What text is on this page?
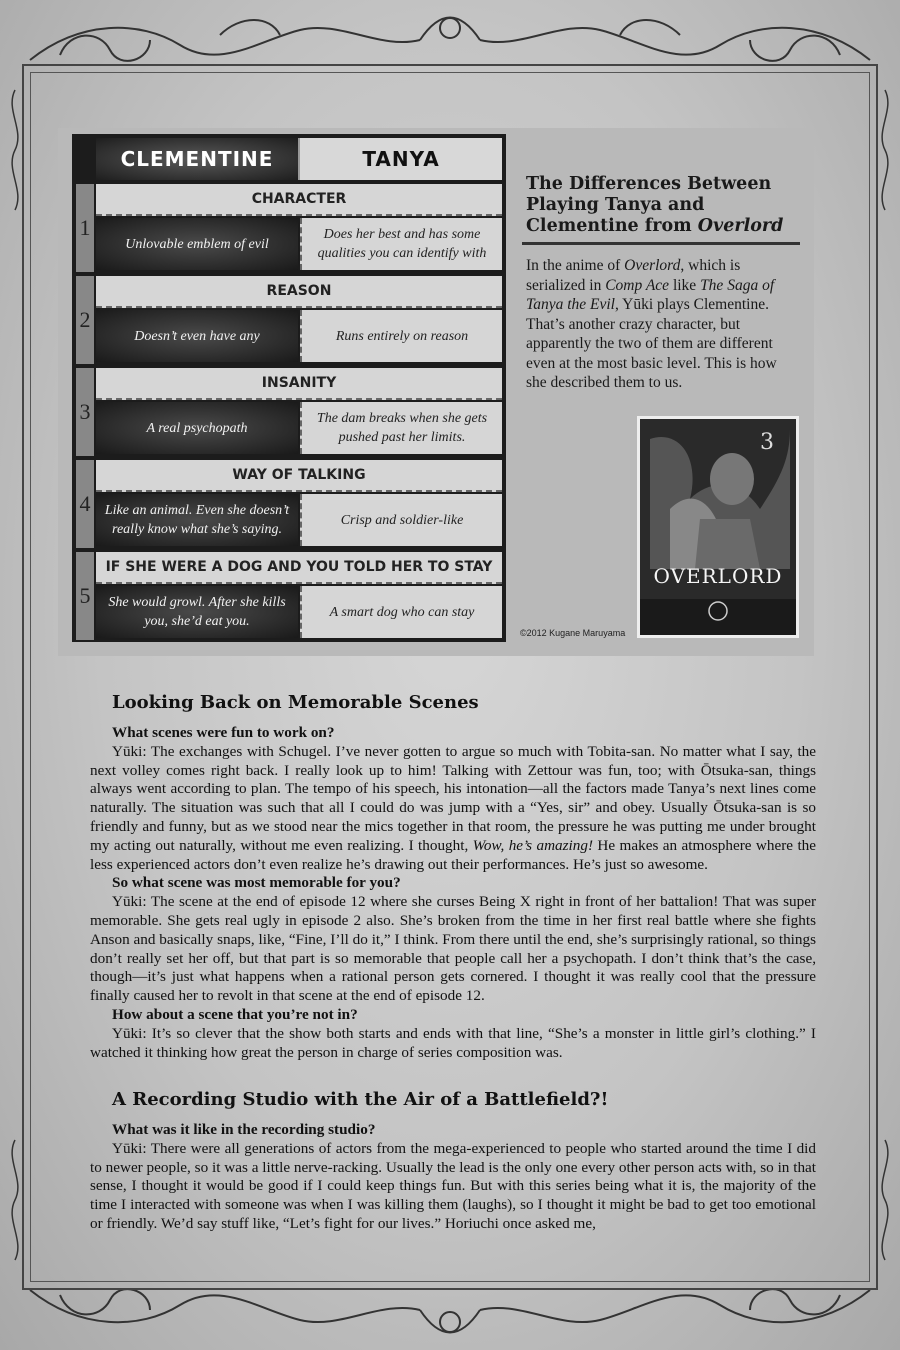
CLEMENTINE	TANYA
1
CHARACTER
Unlovable emblem of evil
Does her best and has some qualities you can identify with
2
REASON
Doesn’t even have any	Runs entirely on reason
3
INSANITY
A real psychopath
The dam breaks when she gets pushed past her limits.
4
WAY OF TALKING
Like an animal. Even she doesn’t really know what she’s saying.
Crisp and soldier-like
5
IF SHE WERE A DOG AND YOU TOLD HER TO STAY
She would growl. After she kills you, she’d eat you.
A smart dog who can stay
The Differences Between Playing Tanya and Clementine from Overlord
In the anime of Overlord, which is serialized in Comp Ace like The Saga of Tanya the Evil, Yūki plays Clementine. That’s another crazy character, but apparently the two of them are different even at the most basic level. This is how she described them to us.
3
OVERLORD
©2012 Kugane Maruyama
Looking Back on Memorable Scenes

What scenes were fun to work on?

Yūki: The exchanges with Schugel. I’ve never gotten to argue so much with Tobita-san. No matter what I say, the next volley comes right back. I really look up to him! Talking with Zettour was fun, too; with Ōtsuka-san, things always went according to plan. The tempo of his speech, his intonation—all the factors made Tanya’s next lines come naturally. The situation was such that all I could do was jump with a “Yes, sir” and obey. Usually Ōtsuka-san is so friendly and funny, but as we stood near the mics together in that room, the pressure he was putting me under brought my acting out naturally, without me even realizing. I thought, Wow, he’s amazing! He makes an atmosphere where the less experienced actors don’t even realize he’s drawing out their performances. He’s just so awesome.

So what scene was most memorable for you?

Yūki: The scene at the end of episode 12 where she curses Being X right in front of her battalion! That was super memorable. She gets real ugly in episode 2 also. She’s broken from the time in her first real battle where she fights Anson and basically snaps, like, “Fine, I’ll do it,” I think. From there until the end, she’s surprisingly rational, so things don’t really set her off, but that part is so memorable that people call her a psychopath. I don’t think that’s the case, though—it’s just what happens when a rational person gets cornered. I thought it was really cool that the pressure finally caused her to revolt in that scene at the end of episode 12.

How about a scene that you’re not in?

Yūki: It’s so clever that the show both starts and ends with that line, “She’s a monster in little girl’s clothing.” I watched it thinking how great the person in charge of series composition was.

A Recording Studio with the Air of a Battlefield?!

What was it like in the recording studio?

Yūki: There were all generations of actors from the mega-experienced to people who started around the time I did to newer people, so it was a little nerve-racking. Usually the lead is the only one every other person acts with, so in that sense, I thought it would be good if I could keep things fun. But with this series being what it is, the majority of the time I interacted with someone was when I was killing them (laughs), so I thought it might be bad to get too emotional or friendly. We’d say stuff like, “Let’s fight for our lives.” Horiuchi once asked me,
